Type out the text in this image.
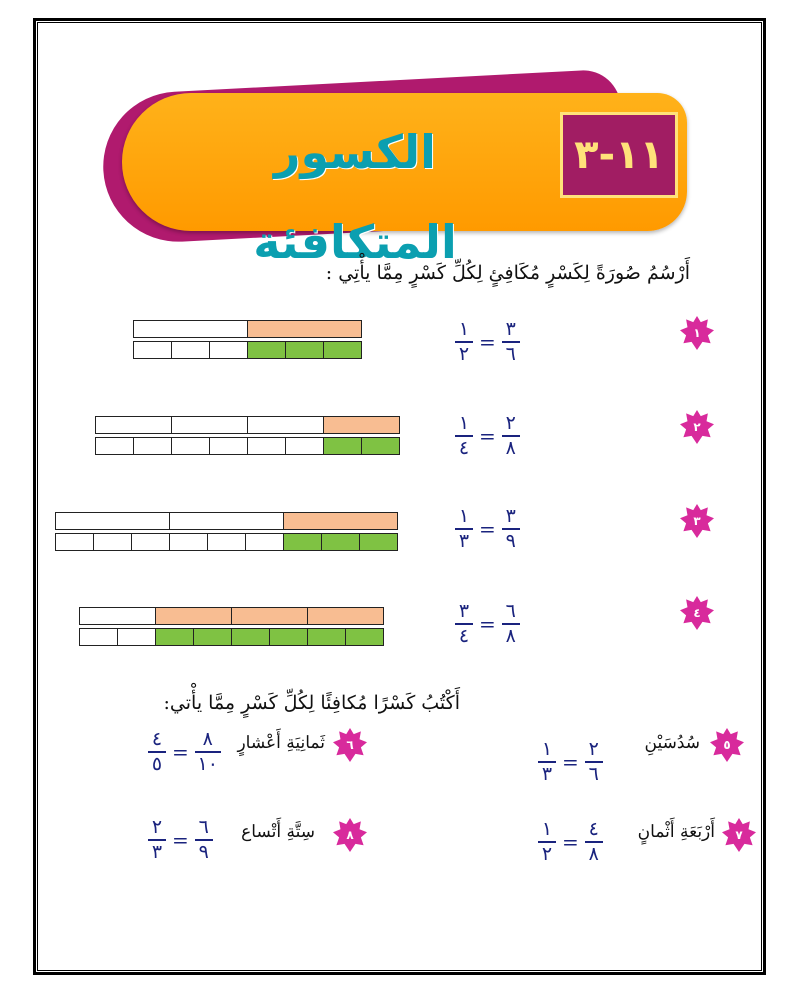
الكسور المتكافئة
١١-٣
أَرْسُمُ صُورَةً لِكَسْرٍ مُكَافِئٍ لِكُلِّ كَسْرٍ مِمَّا يأْتِي :
١
$\frac{١}{٢} = \frac{٣}{٦}$
٢
$\frac{١}{٤} = \frac{٢}{٨}$
٣
$\frac{١}{٣} = \frac{٣}{٩}$
٤
$\frac{٣}{٤} = \frac{٦}{٨}$
أَكْتُبُ كَسْرًا مُكافِئًا لِكُلِّ كَسْرٍ مِمَّا يأْتي:
٥
سُدُسَيْنِ
$\frac{١}{٣} = \frac{٢}{٦}$
٦
ثَمانِيَةِ أَعْشارٍ
$\frac{٤}{٥} = \frac{٨}{١٠}$
٧
أَرْبَعَةِ أَثْمانٍ
$\frac{١}{٢} = \frac{٤}{٨}$
٨
سِتَّةِ أَتْساع
$\frac{٢}{٣} = \frac{٦}{٩}$
